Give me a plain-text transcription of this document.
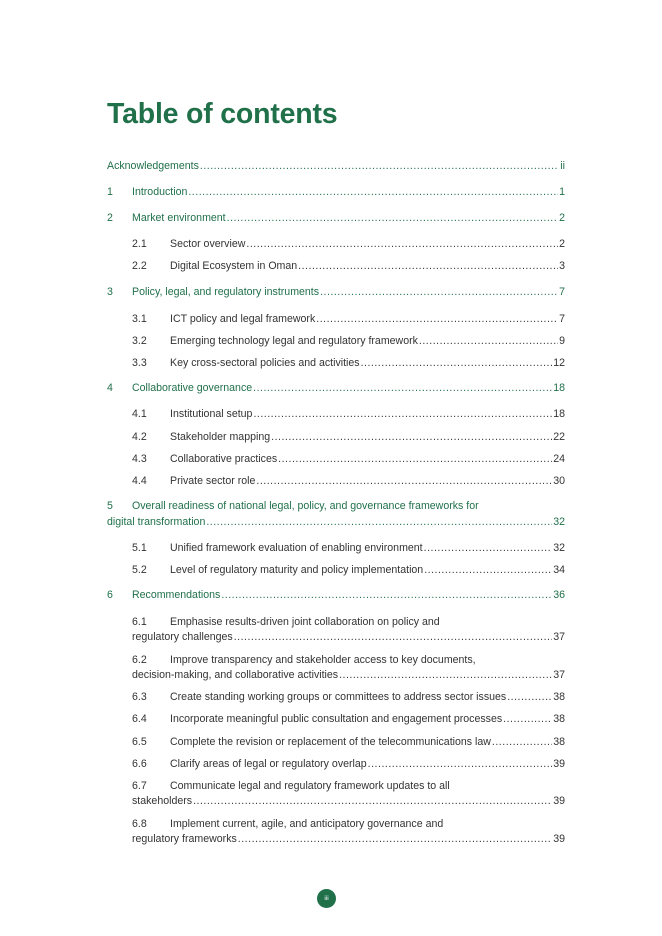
Table of contents
Acknowledgements .....	ii
1	Introduction .....	1
2	Market environment .....	2
2.1	Sector overview .....	2
2.2	Digital Ecosystem in Oman .....	3
3	Policy, legal, and regulatory instruments .....	7
3.1	ICT policy and legal framework .....	7
3.2	Emerging technology legal and regulatory framework .....	9
3.3	Key cross-sectoral policies and activities .....	12
4	Collaborative governance .....	18
4.1	Institutional setup .....	18
4.2	Stakeholder mapping .....	22
4.3	Collaborative practices .....	24
4.4	Private sector role .....	30
5 Overall readiness of national legal, policy, and governance frameworks for
digital transformation .....	32
5.1	Unified framework evaluation of enabling environment .....	32
5.2	Level of regulatory maturity and policy implementation .....	34
6	Recommendations .....	36
6.1 Emphasise results-driven joint collaboration on policy and
regulatory challenges .....	37
6.2 Improve transparency and stakeholder access to key documents,
decision-making, and collaborative activities .....	37
6.3	Create standing working groups or committees to address sector issues .....	38
6.4	Incorporate meaningful public consultation and engagement processes .....	38
6.5	Complete the revision or replacement of the telecommunications law .....	38
6.6	Clarify areas of legal or regulatory overlap .....	39
6.7 Communicate legal and regulatory framework updates to all
stakeholders .....	39
6.8 Implement current, agile, and anticipatory governance and
regulatory frameworks .....	39
iii
